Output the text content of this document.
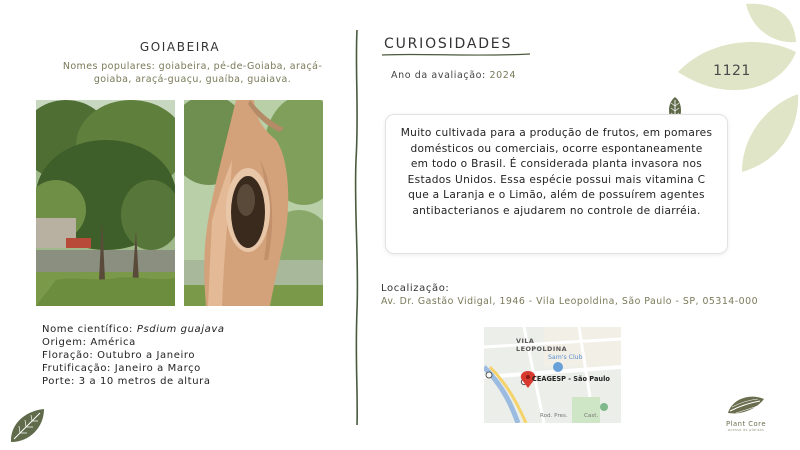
1121
GOIABEIRA
Nomes populares: goiabeira, pé-de-Goiaba, araçá-goiaba, araçá-guaçu, guaíba, guaiava.
Nome científico: Psdium guajava
Origem: América
Floração: Outubro a Janeiro
Frutificação: Janeiro a Março
Porte: 3 a 10 metros de altura
CURIOSIDADES
Ano da avaliação: 2024
Muito cultivada para a produção de frutos, em pomares domésticos ou comerciais, ocorre espontaneamente em todo o Brasil. É considerada planta invasora nos Estados Unidos. Essa espécie possui mais vitamina C que a Laranja e o Limão, além de possuírem agentes antibacterianos e ajudarem no controle de diarréia.
Localização:
Av. Dr. Gastão Vidigal, 1946 - Vila Leopoldina, São Paulo - SP, 05314-000
VILA LEOPOLDINA
Sam's Club
CEAGESP - São Paulo
Rod. Pres.	Cast.
Plant Core
acesso às plantas
